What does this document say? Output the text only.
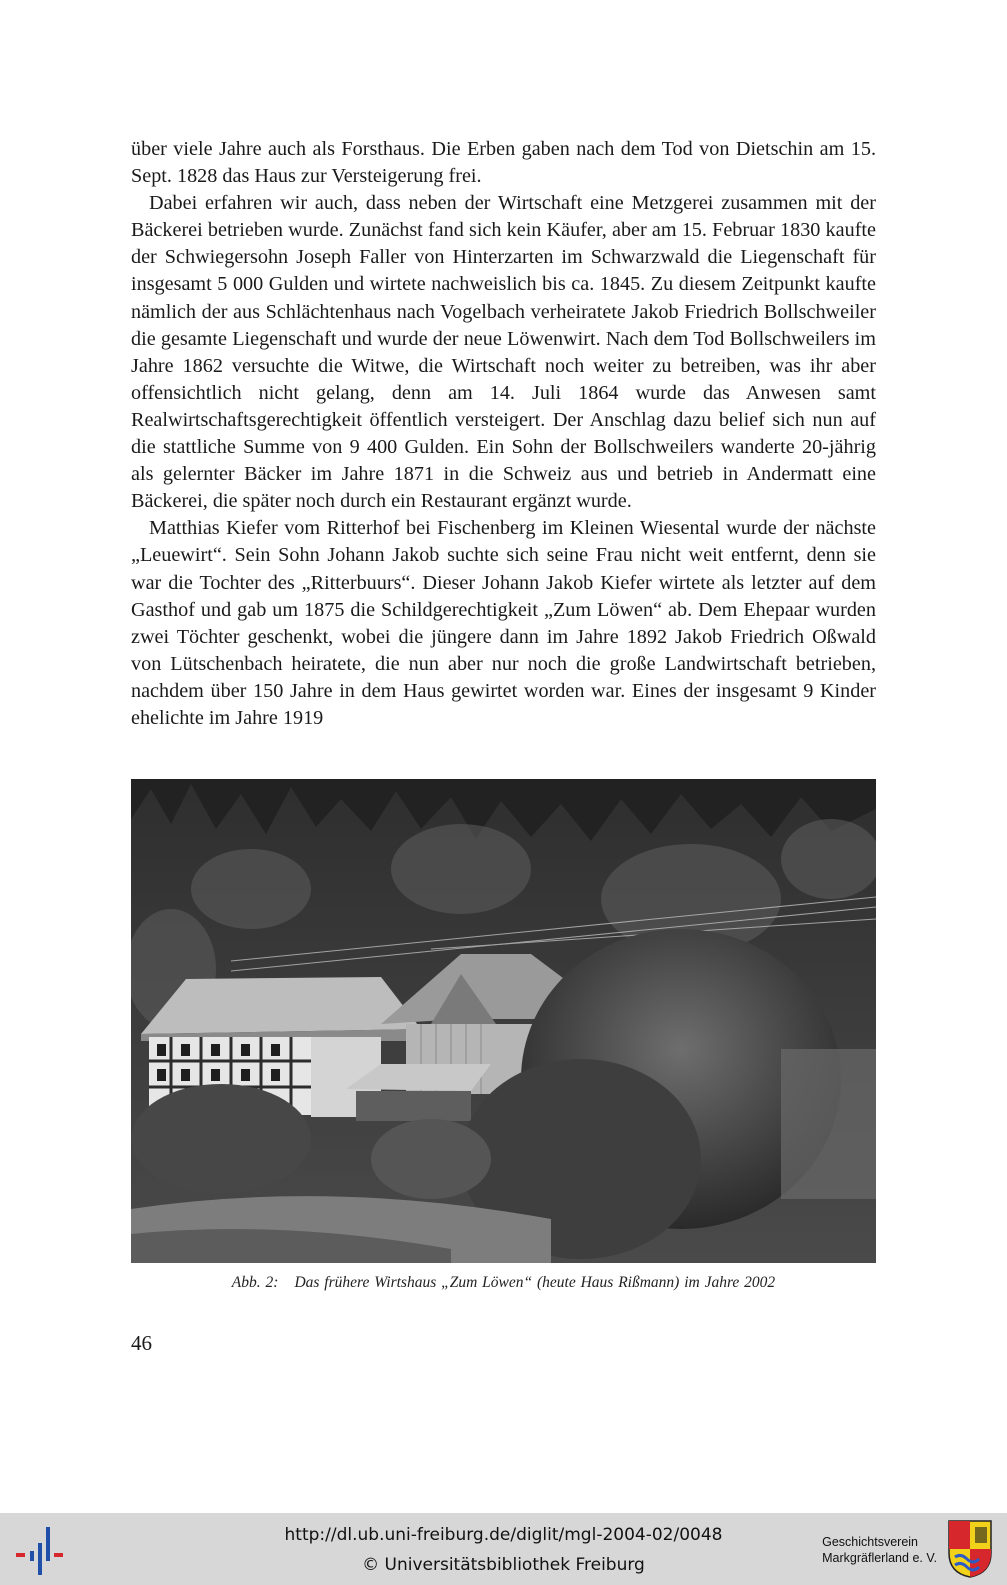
über viele Jahre auch als Forsthaus. Die Erben gaben nach dem Tod von Dietschin am 15. Sept. 1828 das Haus zur Versteigerung frei.

Dabei erfahren wir auch, dass neben der Wirtschaft eine Metzgerei zusammen mit der Bäckerei betrieben wurde. Zunächst fand sich kein Käufer, aber am 15. Februar 1830 kaufte der Schwiegersohn Joseph Faller von Hinterzarten im Schwarzwald die Liegenschaft für insgesamt 5 000 Gulden und wirtete nachweislich bis ca. 1845. Zu diesem Zeitpunkt kaufte nämlich der aus Schlächtenhaus nach Vogelbach verheiratete Jakob Friedrich Bollschweiler die gesamte Liegenschaft und wurde der neue Löwenwirt. Nach dem Tod Bollschweilers im Jahre 1862 versuchte die Witwe, die Wirtschaft noch weiter zu betreiben, was ihr aber offensichtlich nicht gelang, denn am 14. Juli 1864 wurde das Anwesen samt Realwirtschaftsgerechtigkeit öffentlich versteigert. Der Anschlag dazu belief sich nun auf die stattliche Summe von 9 400 Gulden. Ein Sohn der Bollschweilers wanderte 20-jährig als gelernter Bäcker im Jahre 1871 in die Schweiz aus und betrieb in Andermatt eine Bäckerei, die später noch durch ein Restaurant ergänzt wurde.

Matthias Kiefer vom Ritterhof bei Fischenberg im Kleinen Wiesental wurde der nächste „Leuewirt“. Sein Sohn Johann Jakob suchte sich seine Frau nicht weit entfernt, denn sie war die Tochter des „Ritterbuurs“. Dieser Johann Jakob Kiefer wirtete als letzter auf dem Gasthof und gab um 1875 die Schildgerechtigkeit „Zum Löwen“ ab. Dem Ehepaar wurden zwei Töchter geschenkt, wobei die jüngere dann im Jahre 1892 Jakob Friedrich Oßwald von Lütschenbach heiratete, die nun aber nur noch die große Landwirtschaft betrieben, nachdem über 150 Jahre in dem Haus gewirtet worden war. Eines der insgesamt 9 Kinder ehelichte im Jahre 1919

Abb. 2: Das frühere Wirtshaus „Zum Löwen“ (heute Haus Rißmann) im Jahre 2002
46
http://dl.ub.uni-freiburg.de/diglit/mgl-2004-02/0048
© Universitätsbibliothek Freiburg
Geschichtsverein
Markgräflerland e. V.
